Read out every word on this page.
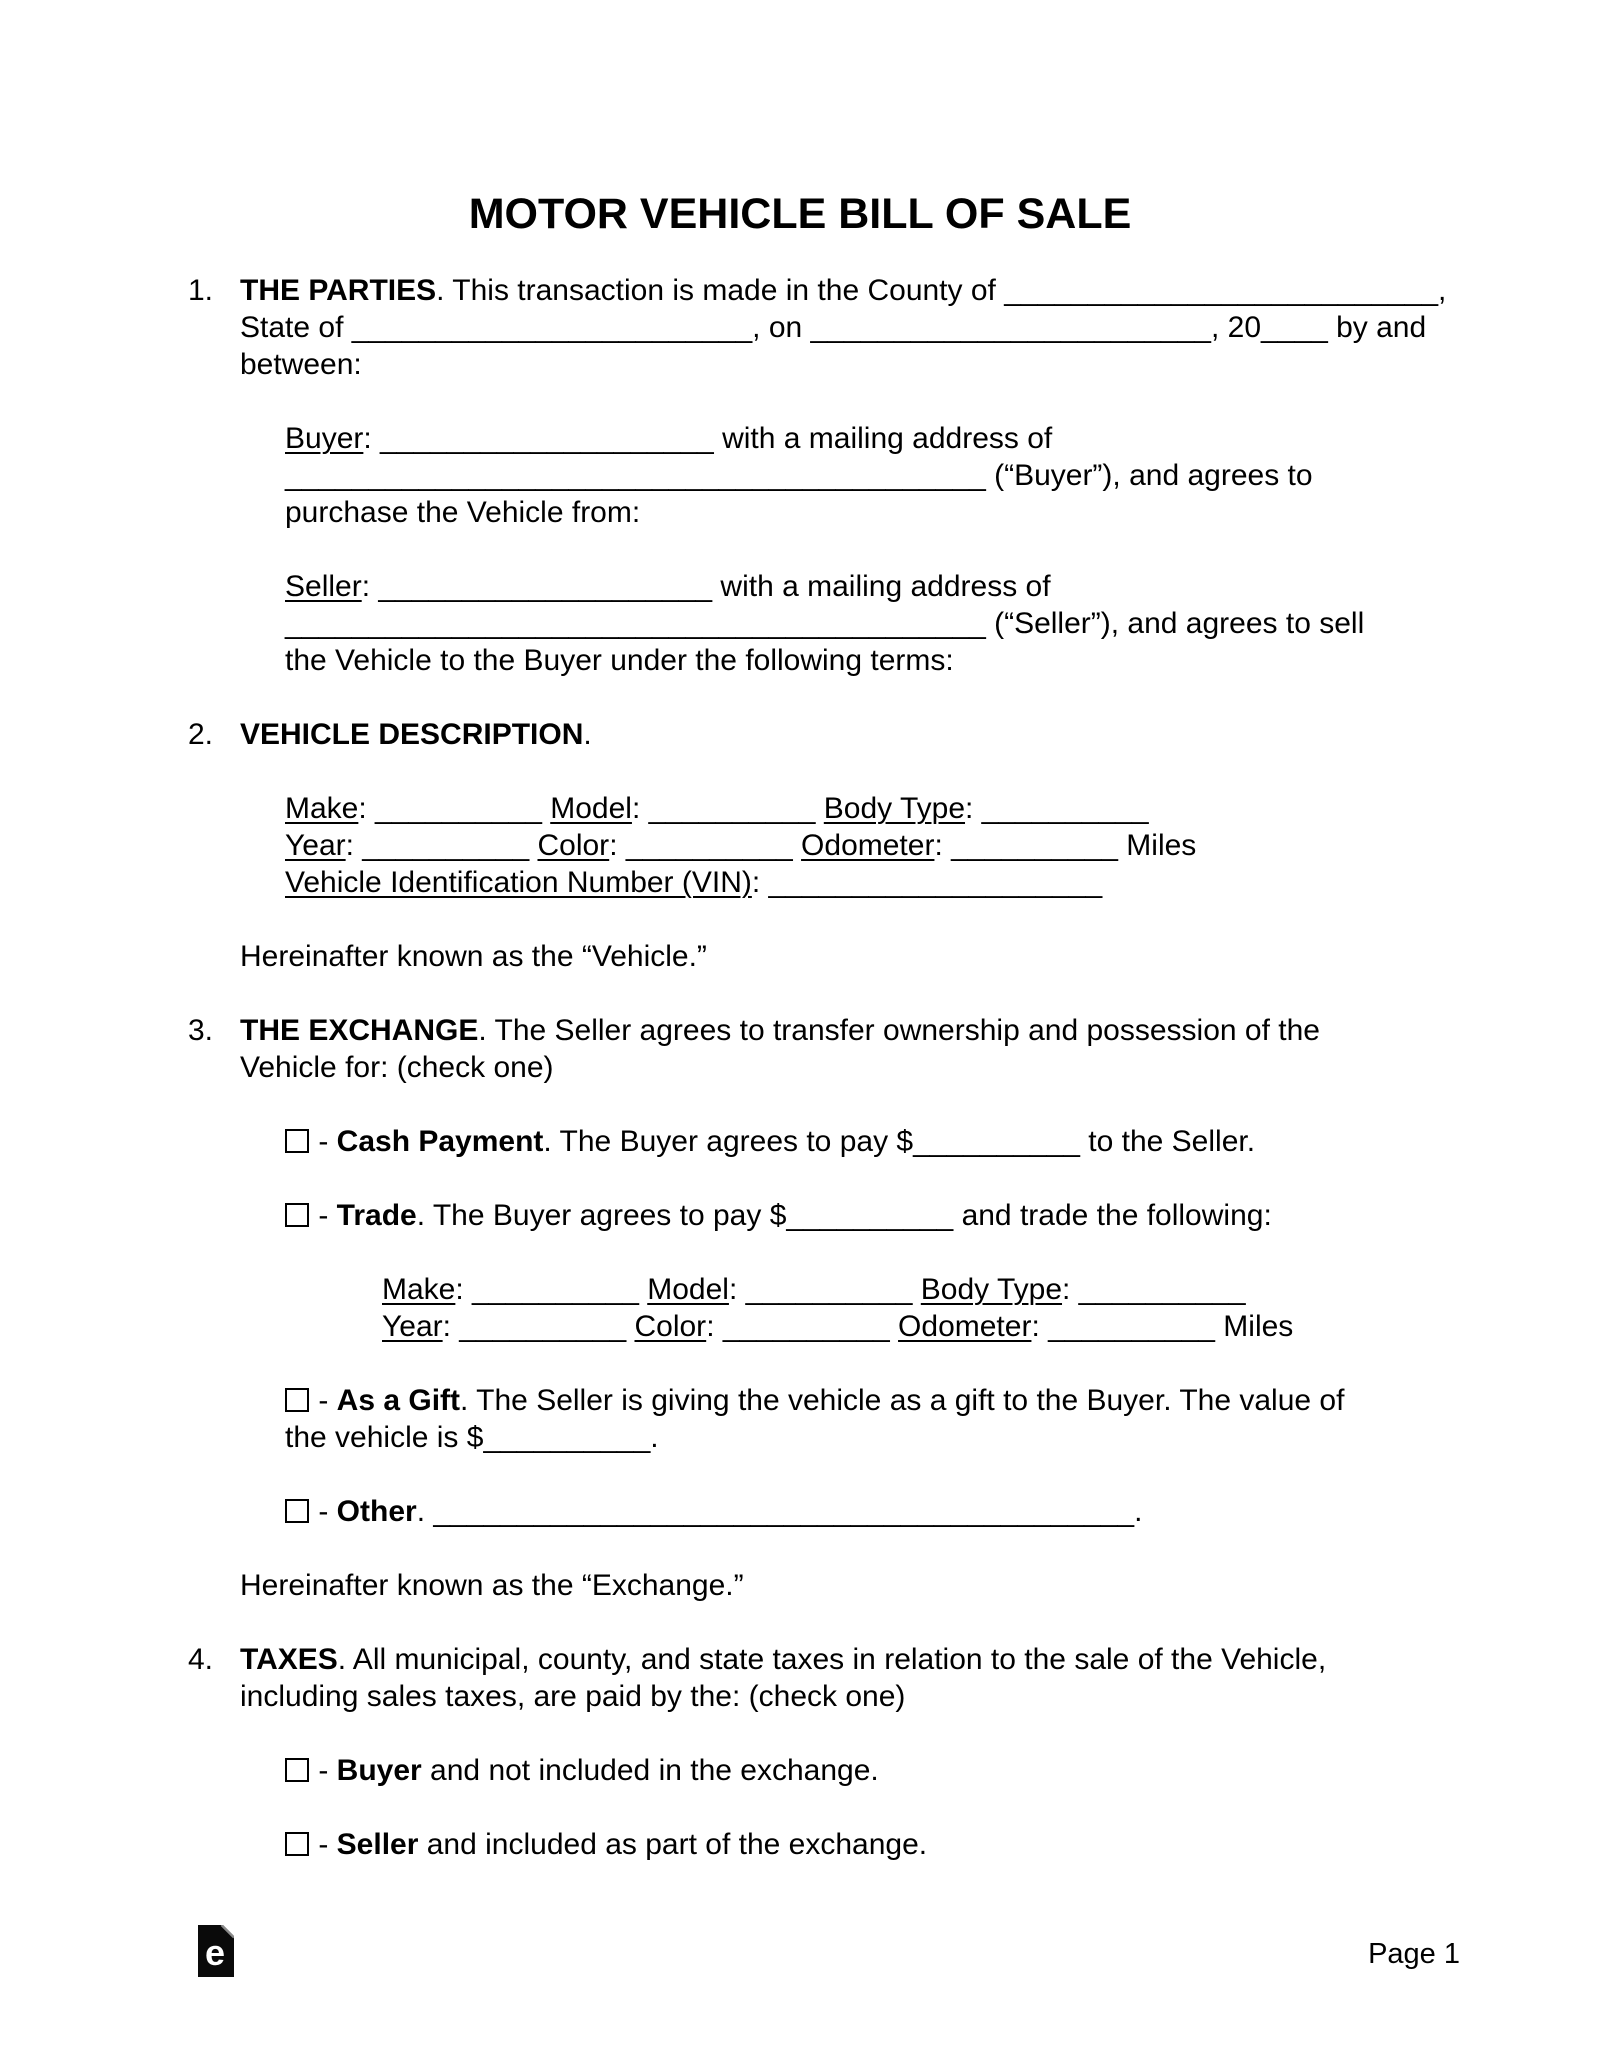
MOTOR VEHICLE BILL OF SALE
1. THE PARTIES. This transaction is made in the County of __________________________,
State of ________________________, on ________________________, 20____ by and
between:
Buyer: ____________________ with a mailing address of
__________________________________________ (“Buyer”), and agrees to
purchase the Vehicle from:
Seller: ____________________ with a mailing address of
__________________________________________ (“Seller”), and agrees to sell
the Vehicle to the Buyer under the following terms:
2. VEHICLE DESCRIPTION.
Make: __________ Model: __________ Body Type: __________
Year: __________ Color: __________ Odometer: __________ Miles
Vehicle Identification Number (VIN): ____________________
Hereinafter known as the “Vehicle.”
3. THE EXCHANGE. The Seller agrees to transfer ownership and possession of the
Vehicle for: (check one)
- Cash Payment. The Buyer agrees to pay $__________ to the Seller.
- Trade. The Buyer agrees to pay $__________ and trade the following:
Make: __________ Model: __________ Body Type: __________
Year: __________ Color: __________ Odometer: __________ Miles
- As a Gift. The Seller is giving the vehicle as a gift to the Buyer. The value of
the vehicle is $__________.
- Other. __________________________________________.
Hereinafter known as the “Exchange.”
4. TAXES. All municipal, county, and state taxes in relation to the sale of the Vehicle,
including sales taxes, are paid by the: (check one)
- Buyer and not included in the exchange.
- Seller and included as part of the exchange.
e	Page 1
